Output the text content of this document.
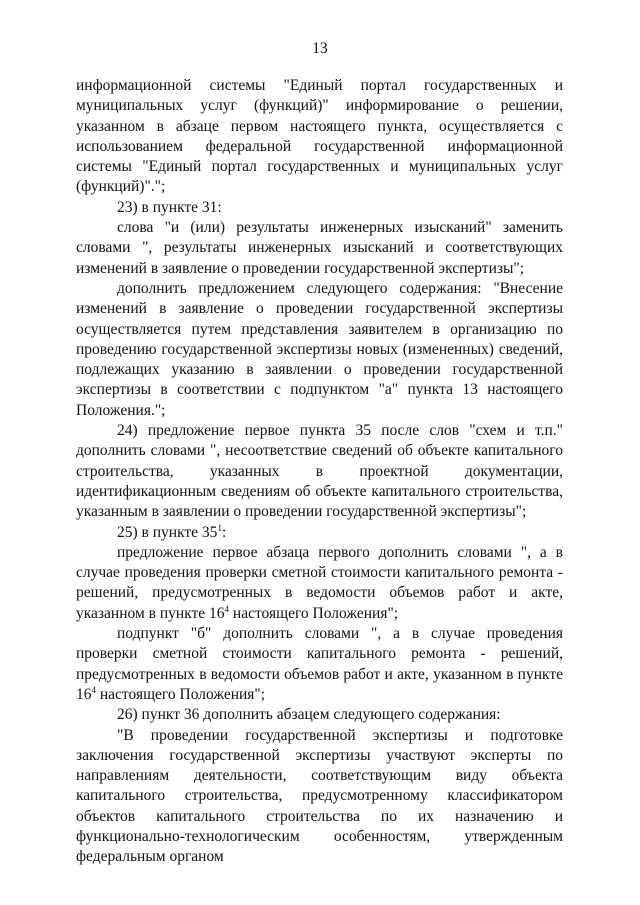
13

информационной системы "Единый портал государственных и муниципальных услуг (функций)" информирование о решении, указанном в абзаце первом настоящего пункта, осуществляется с использованием федеральной государственной информационной системы "Единый портал государственных и муниципальных услуг (функций)".";

23) в пункте 31:

слова "и (или) результаты инженерных изысканий" заменить словами ", результаты инженерных изысканий и соответствующих изменений в заявление о проведении государственной экспертизы";

дополнить предложением следующего содержания: "Внесение изменений в заявление о проведении государственной экспертизы осуществляется путем представления заявителем в организацию по проведению государственной экспертизы новых (измененных) сведений, подлежащих указанию в заявлении о проведении государственной экспертизы в соответствии с подпунктом "а" пункта 13 настоящего Положения.";

24) предложение первое пункта 35 после слов "схем и т.п." дополнить словами ", несоответствие сведений об объекте капитального строительства, указанных в проектной документации, идентификационным сведениям об объекте капитального строительства, указанным в заявлении о проведении государственной экспертизы";

25) в пункте $35^1$:

предложение первое абзаца первого дополнить словами ", а в случае проведения проверки сметной стоимости капитального ремонта - решений, предусмотренных в ведомости объемов работ и акте, указанном в пункте $16^4$ настоящего Положения";

подпункт "б" дополнить словами ", а в случае проведения проверки сметной стоимости капитального ремонта - решений, предусмотренных в ведомости объемов работ и акте, указанном в пункте $16^4$ настоящего Положения";

26) пункт 36 дополнить абзацем следующего содержания:

"В проведении государственной экспертизы и подготовке заключения государственной экспертизы участвуют эксперты по направлениям деятельности, соответствующим виду объекта капитального строительства, предусмотренному классификатором объектов капитального строительства по их назначению и функционально-технологическим особенностям, утвержденным федеральным органом
